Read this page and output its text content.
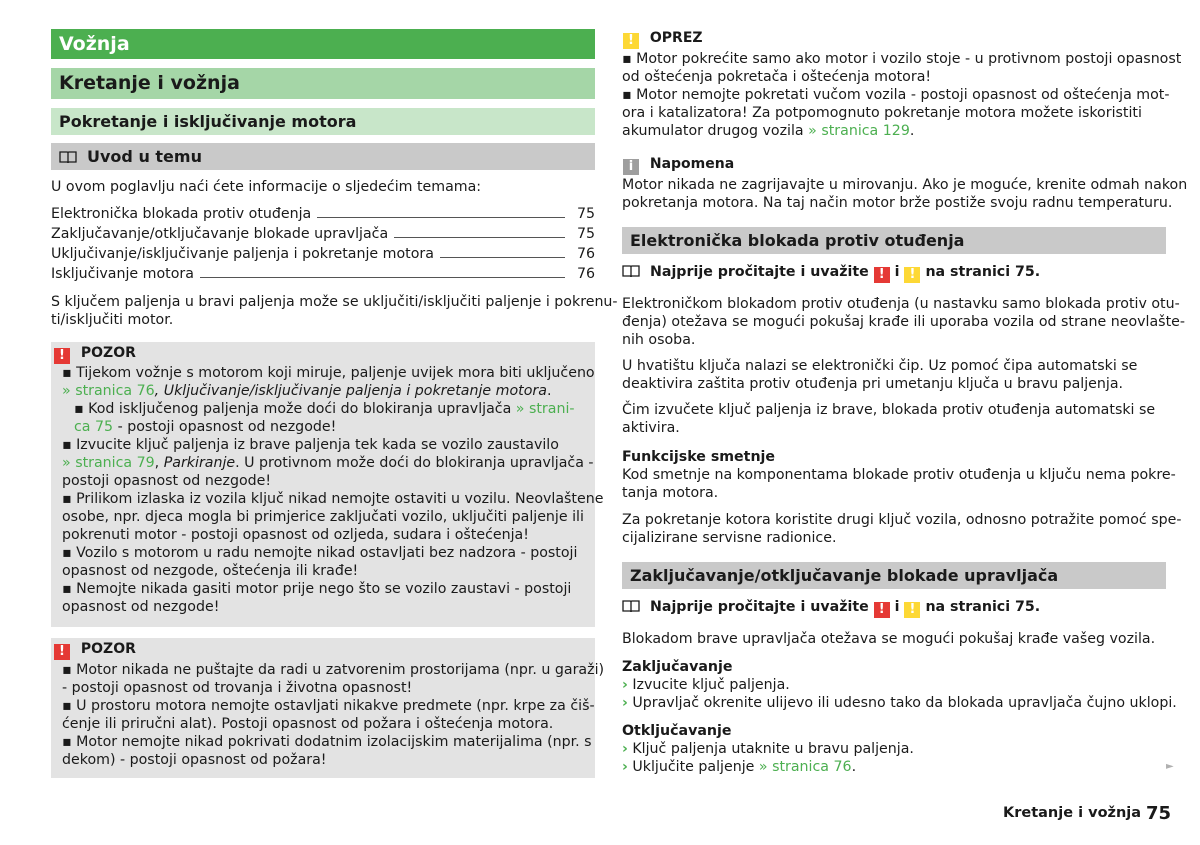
Vožnja
Kretanje i vožnja
Pokretanje i isključivanje motora
Uvod u temu
U ovom poglavlju naći ćete informacije o sljedećim temama:
Elektronička blokada protiv otuđenja	75
Zaključavanje/otključavanje blokade upravljača	75
Uključivanje/isključivanje paljenja i pokretanje motora	76
Isključivanje motora	76
S ključem paljenja u bravi paljenja može se uključiti/isključiti paljenje i pokrenu-
ti/isključiti motor.
! POZOR
▪ Tijekom vožnje s motorom koji miruje, paljenje uvijek mora biti uključeno
» stranica 76, Uključivanje/isključivanje paljenja i pokretanje motora.
▪ Kod isključenog paljenja može doći do blokiranja upravljača » strani-
ca 75 - postoji opasnost od nezgode!
▪ Izvucite ključ paljenja iz brave paljenja tek kada se vozilo zaustavilo
» stranica 79, Parkiranje. U protivnom može doći do blokiranja upravljača -
postoji opasnost od nezgode!
▪ Prilikom izlaska iz vozila ključ nikad nemojte ostaviti u vozilu. Neovlaštene
osobe, npr. djeca mogla bi primjerice zaključati vozilo, uključiti paljenje ili
pokrenuti motor - postoji opasnost od ozljeda, sudara i oštećenja!
▪ Vozilo s motorom u radu nemojte nikad ostavljati bez nadzora - postoji
opasnost od nezgode, oštećenja ili krađe!
▪ Nemojte nikada gasiti motor prije nego što se vozilo zaustavi - postoji
opasnost od nezgode!
! POZOR
▪ Motor nikada ne puštajte da radi u zatvorenim prostorijama (npr. u garaži)
- postoji opasnost od trovanja i životna opasnost!
▪ U prostoru motora nemojte ostavljati nikakve predmete (npr. krpe za čiš-
ćenje ili priručni alat). Postoji opasnost od požara i oštećenja motora.
▪ Motor nemojte nikad pokrivati dodatnim izolacijskim materijalima (npr. s
dekom) - postoji opasnost od požara!
! OPREZ
▪ Motor pokrećite samo ako motor i vozilo stoje - u protivnom postoji opasnost
od oštećenja pokretača i oštećenja motora!
▪ Motor nemojte pokretati vučom vozila - postoji opasnost od oštećenja mot-
ora i katalizatora! Za potpomognuto pokretanje motora možete iskoristiti
akumulator drugog vozila » stranica 129.
i Napomena
Motor nikada ne zagrijavajte u mirovanju. Ako je moguće, krenite odmah nakon
pokretanja motora. Na taj način motor brže postiže svoju radnu temperaturu.
Elektronička blokada protiv otuđenja
Najprije pročitajte i uvažite ! i ! na stranici 75.
Elektroničkom blokadom protiv otuđenja (u nastavku samo blokada protiv otu-
đenja) otežava se mogući pokušaj krađe ili uporaba vozila od strane neovlašte-
nih osoba.
U hvatištu ključa nalazi se elektronički čip. Uz pomoć čipa automatski se
deaktivira zaštita protiv otuđenja pri umetanju ključa u bravu paljenja.
Čim izvučete ključ paljenja iz brave, blokada protiv otuđenja automatski se
aktivira.
Funkcijske smetnje
Kod smetnje na komponentama blokade protiv otuđenja u ključu nema pokre-
tanja motora.
Za pokretanje kotora koristite drugi ključ vozila, odnosno potražite pomoć spe-
cijalizirane servisne radionice.
Zaključavanje/otključavanje blokade upravljača
Najprije pročitajte i uvažite ! i ! na stranici 75.
Blokadom brave upravljača otežava se mogući pokušaj krađe vašeg vozila.
Zaključavanje
› Izvucite ključ paljenja.
› Upravljač okrenite ulijevo ili udesno tako da blokada upravljača čujno uklopi.
Otključavanje
› Ključ paljenja utaknite u bravu paljenja.
› Uključite paljenje » stranica 76.	►
Kretanje i vožnja 75
